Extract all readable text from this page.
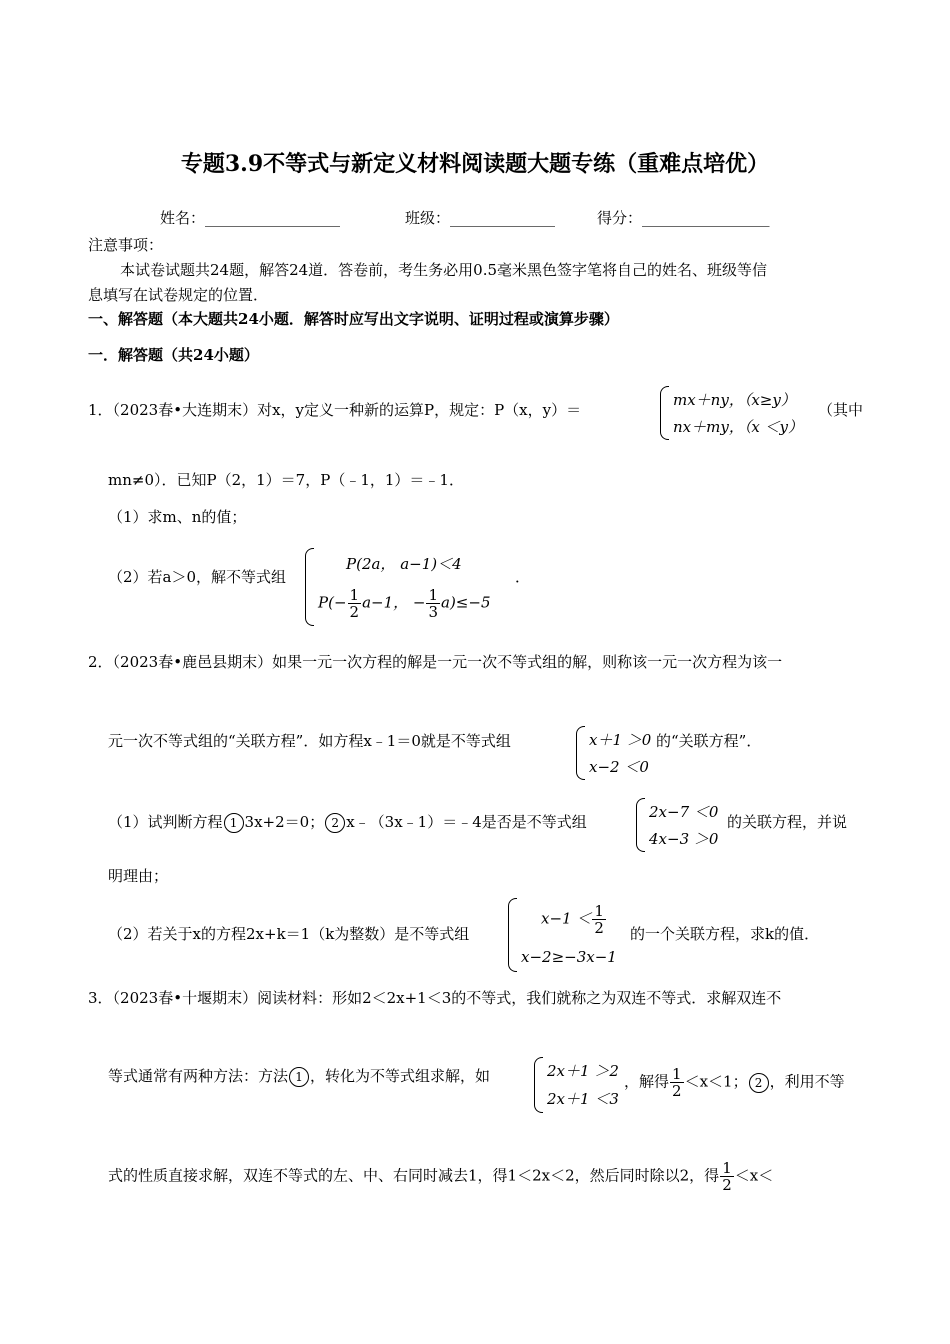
专题3.9不等式与新定义材料阅读题大题专练（重难点培优）
姓名：__________________	班级：______________	得分：_________________
注意事项：
本试卷试题共24题，解答24道．答卷前，考生务必用0.5毫米黑色签字笔将自己的姓名、班级等信
息填写在试卷规定的位置．
一、解答题（本大题共24小题．解答时应写出文字说明、证明过程或演算步骤）
一．解答题（共24小题）
1．（2023春•大连期末）对x，y定义一种新的运算P，规定：P（x，y）＝
mx＋ny，（x≥y）
nx＋my，（x ＜y）
（其中
mn≠0）．已知P（2，1）＝7，P（﹣1，1）＝﹣1．
（1）求m、n的值；
（2）若a＞0，解不等式组
P(2a， a−1)＜4
$P(- \frac{1}{2} a-1$， − $\frac{1}{3} a)\le-5$
．
2．（2023春•鹿邑县期末）如果一元一次方程的解是一元一次不等式组的解，则称该一元一次方程为该一
元一次不等式组的“关联方程”．如方程x﹣1＝0就是不等式组	x＋1 ＞0
x−2 ＜0
的“关联方程”．
（1）试判断方程 1 3x+2＝0； 2 x﹣（3x﹣1）＝﹣4是否是不等式组
2x−7 ＜0
4x−3 ＞0
的关联方程，并说
明理由；
（2）若关于x的方程2x+k＝1（k为整数）是不等式组
$x-1 < \frac{1}{2}$
x−2≥−3x−1
的一个关联方程，求k的值．
3．（2023春•十堰期末）阅读材料：形如2＜2x+1＜3的不等式，我们就称之为双连不等式．求解双连不
等式通常有两种方法：方法 1 ，转化为不等式组求解，如	2x＋1 ＞2
2x＋1 ＜3
，解得 $\frac{1}{2} <x<1$； 2 ，利用不等
式的性质直接求解，双连不等式的左、中、右同时减去1，得1＜2x＜2，然后同时除以2，得 $\frac{1}{2} <x<$
